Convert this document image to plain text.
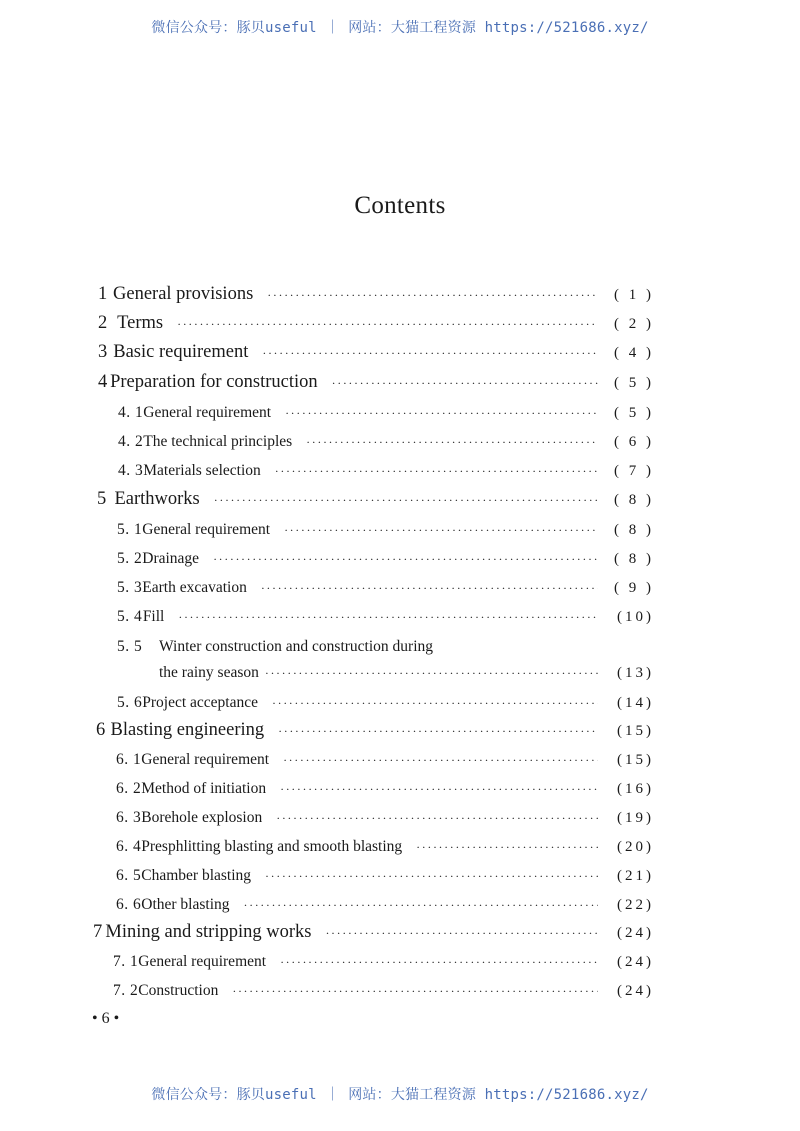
微信公众号：豚贝useful ｜ 网站：大猫工程资源 https://521686.xyz/
Contents
1 General provisions ·····	( 1 )
2 Terms ·····	( 2 )
3 Basic requirement ·····	( 4 )
4 Preparation for construction ·····	( 5 )
4. 1 General requirement ·····	( 5 )
4. 2 The technical principles ·····	( 6 )
4. 3 Materials selection ·····	( 7 )
5 Earthworks ·····	( 8 )
5. 1 General requirement ·····	( 8 )
5. 2 Drainage ·····	( 8 )
5. 3 Earth excavation ·····	( 9 )
5. 4 Fill ·····	(10)
5. 5 Winter construction and construction during
the rainy season ·····	(13)
5. 6 Project acceptance ·····	(14)
6 Blasting engineering ·····	(15)
6. 1 General requirement ·····	(15)
6. 2 Method of initiation ·····	(16)
6. 3 Borehole explosion ·····	(19)
6. 4 Presphlitting blasting and smooth blasting ·····	(20)
6. 5 Chamber blasting ·····	(21)
6. 6 Other blasting ·····	(22)
7 Mining and stripping works ·····	(24)
7. 1 General requirement ·····	(24)
7. 2 Construction ·····	(24)
• 6 •
微信公众号：豚贝useful ｜ 网站：大猫工程资源 https://521686.xyz/
